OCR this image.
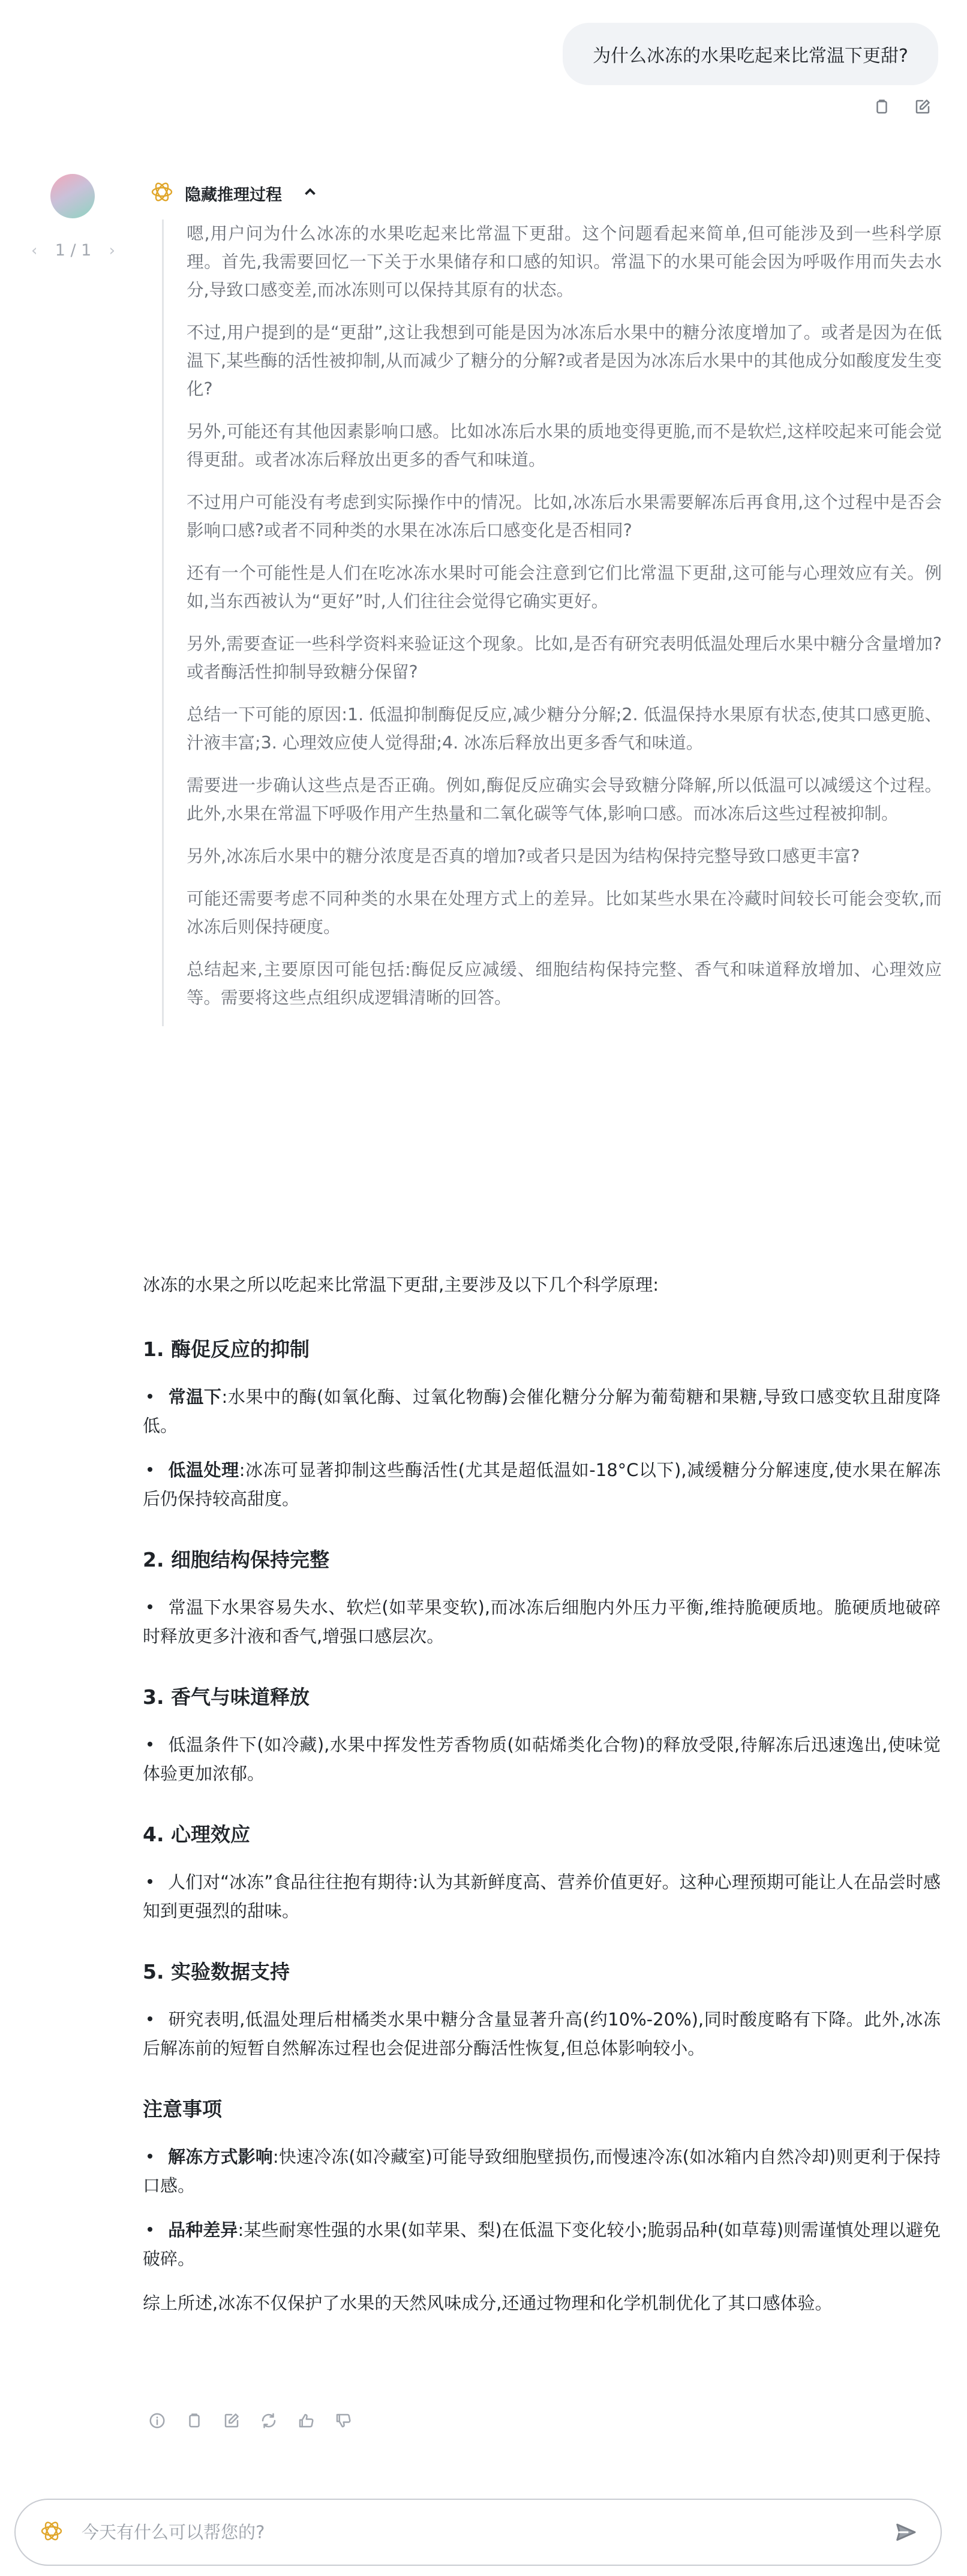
为什么冰冻的水果吃起来比常温下更甜?
‹ 1 / 1 ›
隐藏推理过程

嗯,用户问为什么冰冻的水果吃起来比常温下更甜。这个问题看起来简单,但可能涉及到一些科学原理。首先,我需要回忆一下关于水果储存和口感的知识。常温下的水果可能会因为呼吸作用而失去水分,导致口感变差,而冰冻则可以保持其原有的状态。

不过,用户提到的是“更甜”,这让我想到可能是因为冰冻后水果中的糖分浓度增加了。或者是因为在低温下,某些酶的活性被抑制,从而减少了糖分的分解?或者是因为冰冻后水果中的其他成分如酸度发生变化?

另外,可能还有其他因素影响口感。比如冰冻后水果的质地变得更脆,而不是软烂,这样咬起来可能会觉得更甜。或者冰冻后释放出更多的香气和味道。

不过用户可能没有考虑到实际操作中的情况。比如,冰冻后水果需要解冻后再食用,这个过程中是否会影响口感?或者不同种类的水果在冰冻后口感变化是否相同?

还有一个可能性是人们在吃冰冻水果时可能会注意到它们比常温下更甜,这可能与心理效应有关。例如,当东西被认为“更好”时,人们往往会觉得它确实更好。

另外,需要查证一些科学资料来验证这个现象。比如,是否有研究表明低温处理后水果中糖分含量增加?或者酶活性抑制导致糖分保留?

总结一下可能的原因:1. 低温抑制酶促反应,减少糖分分解;2. 低温保持水果原有状态,使其口感更脆、汁液丰富;3. 心理效应使人觉得甜;4. 冰冻后释放出更多香气和味道。

需要进一步确认这些点是否正确。例如,酶促反应确实会导致糖分降解,所以低温可以减缓这个过程。此外,水果在常温下呼吸作用产生热量和二氧化碳等气体,影响口感。而冰冻后这些过程被抑制。

另外,冰冻后水果中的糖分浓度是否真的增加?或者只是因为结构保持完整导致口感更丰富?

可能还需要考虑不同种类的水果在处理方式上的差异。比如某些水果在冷藏时间较长可能会变软,而冰冻后则保持硬度。

总结起来,主要原因可能包括:酶促反应减缓、细胞结构保持完整、香气和味道释放增加、心理效应等。需要将这些点组织成逻辑清晰的回答。

冰冻的水果之所以吃起来比常温下更甜,主要涉及以下几个科学原理:

1. 酶促反应的抑制
常温下:水果中的酶(如氧化酶、过氧化物酶)会催化糖分分解为葡萄糖和果糖,导致口感变软且甜度降低。
低温处理:冰冻可显著抑制这些酶活性(尤其是超低温如-18°C以下),减缓糖分分解速度,使水果在解冻后仍保持较高甜度。
2. 细胞结构保持完整
常温下水果容易失水、软烂(如苹果变软),而冰冻后细胞内外压力平衡,维持脆硬质地。脆硬质地破碎时释放更多汁液和香气,增强口感层次。
3. 香气与味道释放
低温条件下(如冷藏),水果中挥发性芳香物质(如萜烯类化合物)的释放受限,待解冻后迅速逸出,使味觉体验更加浓郁。
4. 心理效应
人们对“冰冻”食品往往抱有期待:认为其新鲜度高、营养价值更好。这种心理预期可能让人在品尝时感知到更强烈的甜味。
5. 实验数据支持
研究表明,低温处理后柑橘类水果中糖分含量显著升高(约10%-20%),同时酸度略有下降。此外,冰冻后解冻前的短暂自然解冻过程也会促进部分酶活性恢复,但总体影响较小。
注意事项
解冻方式影响:快速冷冻(如冷藏室)可能导致细胞壁损伤,而慢速冷冻(如冰箱内自然冷却)则更利于保持口感。
品种差异:某些耐寒性强的水果(如苹果、梨)在低温下变化较小;脆弱品种(如草莓)则需谨慎处理以避免破碎。

综上所述,冰冻不仅保护了水果的天然风味成分,还通过物理和化学机制优化了其口感体验。

今天有什么可以帮您的?
